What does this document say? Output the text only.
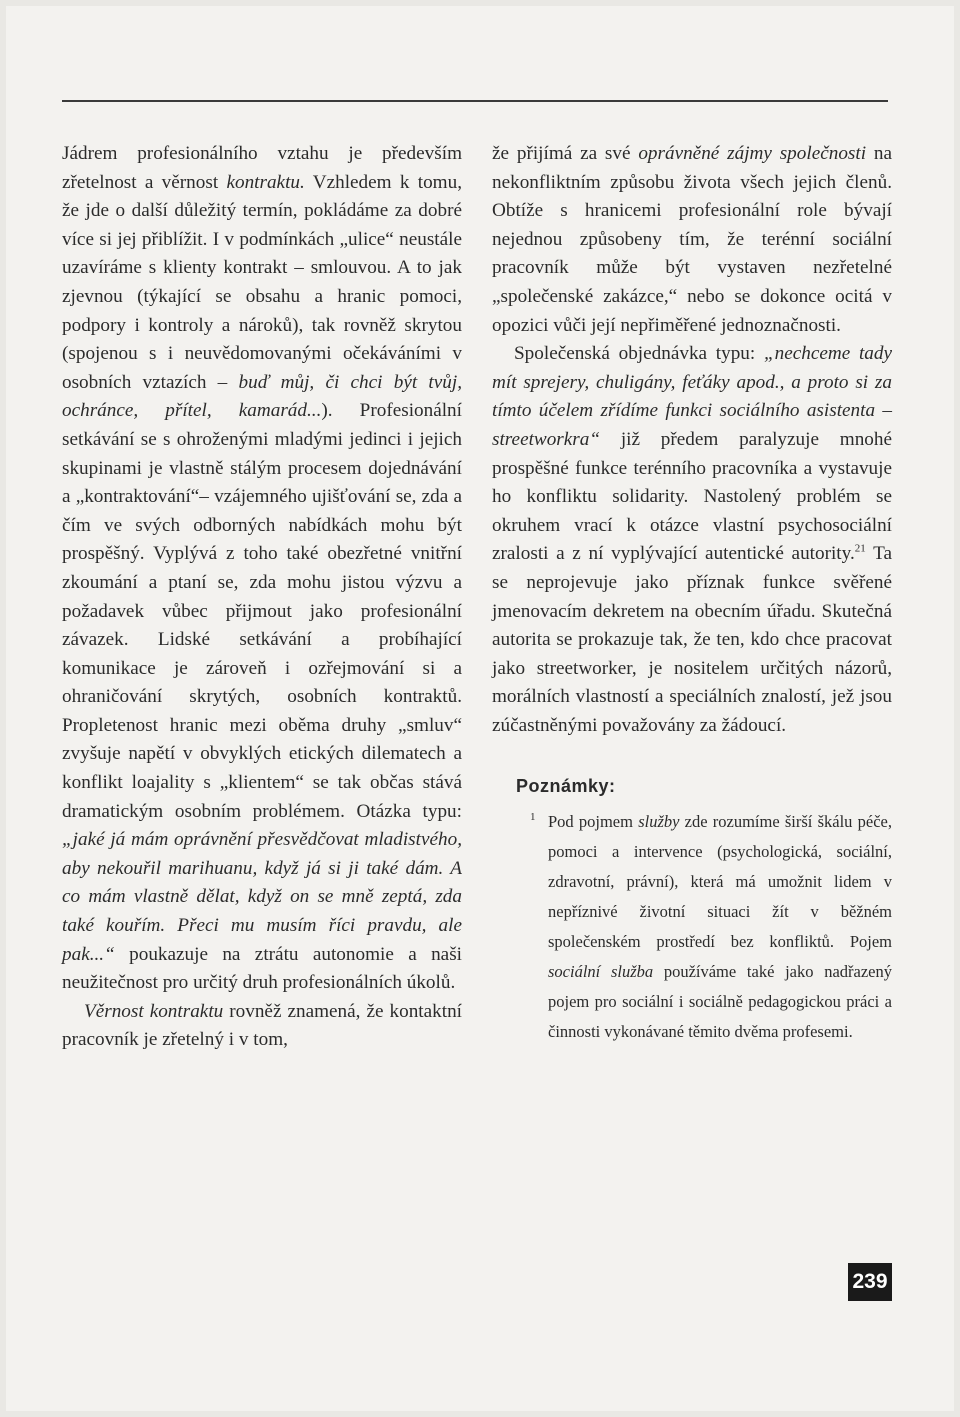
Jádrem profesionálního vztahu je především zřetelnost a věrnost kontraktu. Vzhledem k tomu, že jde o další důležitý termín, pokládáme za dobré více si jej přiblížit. I v podmínkách „ulice“ neustále uzavíráme s klienty kontrakt – smlouvou. A to jak zjevnou (týkající se obsahu a hranic pomoci, podpory i kontroly a nároků), tak rovněž skrytou (spojenou s i neuvědomovanými očekáváními v osobních vztazích – buď můj, či chci být tvůj, ochránce, přítel, kamarád...). Profesionální setkávání se s ohroženými mladými jedinci i jejich skupinami je vlastně stálým procesem dojednávání a „kontraktování“– vzájemného ujišťování se, zda a čím ve svých odborných nabídkách mohu být prospěšný. Vyplývá z toho také obezřetné vnitřní zkoumání a ptaní se, zda mohu jistou výzvu a požadavek vůbec přijmout jako profesionální závazek. Lidské setkávání a probíhající komunikace je zároveň i ozřejmování si a ohraničování skrytých, osobních kontraktů. Propletenost hranic mezi oběma druhy „smluv“ zvyšuje napětí v obvyklých etických dilematech a konflikt loajality s „klientem“ se tak občas stává dramatickým osobním problémem. Otázka typu: „jaké já mám oprávnění přesvědčovat mladistvého, aby nekouřil marihuanu, když já si ji také dám. A co mám vlastně dělat, když on se mně zeptá, zda také kouřím. Přeci mu musím říci pravdu, ale pak...“ poukazuje na ztrátu autonomie a naši neužitečnost pro určitý druh profesionálních úkolů.

Věrnost kontraktu rovněž znamená, že kontaktní pracovník je zřetelný i v tom,

že přijímá za své oprávněné zájmy společnosti na nekonfliktním způsobu života všech jejich členů. Obtíže s hranicemi profesionální role bývají nejednou způsobeny tím, že terénní sociální pracovník může být vystaven nezřetelné „společenské zakázce,“ nebo se dokonce ocitá v opozici vůči její nepřiměřené jednoznačnosti.

Společenská objednávka typu: „nechceme tady mít sprejery, chuligány, feťáky apod., a proto si za tímto účelem zřídíme funkci sociálního asistenta – streetworkra“ již předem paralyzuje mnohé prospěšné funkce terénního pracovníka a vystavuje ho konfliktu solidarity. Nastolený problém se okruhem vrací k otázce vlastní psychosociální zralosti a z ní vyplývající autentické autority.$^{21}$ Ta se neprojevuje jako příznak funkce svěřené jmenovacím dekretem na obecním úřadu. Skutečná autorita se prokazuje tak, že ten, kdo chce pracovat jako streetworker, je nositelem určitých názorů, morálních vlastností a speciálních znalostí, jež jsou zúčastněnými považovány za žádoucí.

Poznámky:
1 Pod pojmem služby zde rozumíme širší škálu péče, pomoci a intervence (psychologická, sociální, zdravotní, právní), která má umožnit lidem v nepříznivé životní situaci žít v běžném společenském prostředí bez konfliktů. Pojem sociální služba používáme také jako nadřazený pojem pro sociální i sociálně pedagogickou práci a činnosti vykonávané těmito dvěma profesemi.
239
